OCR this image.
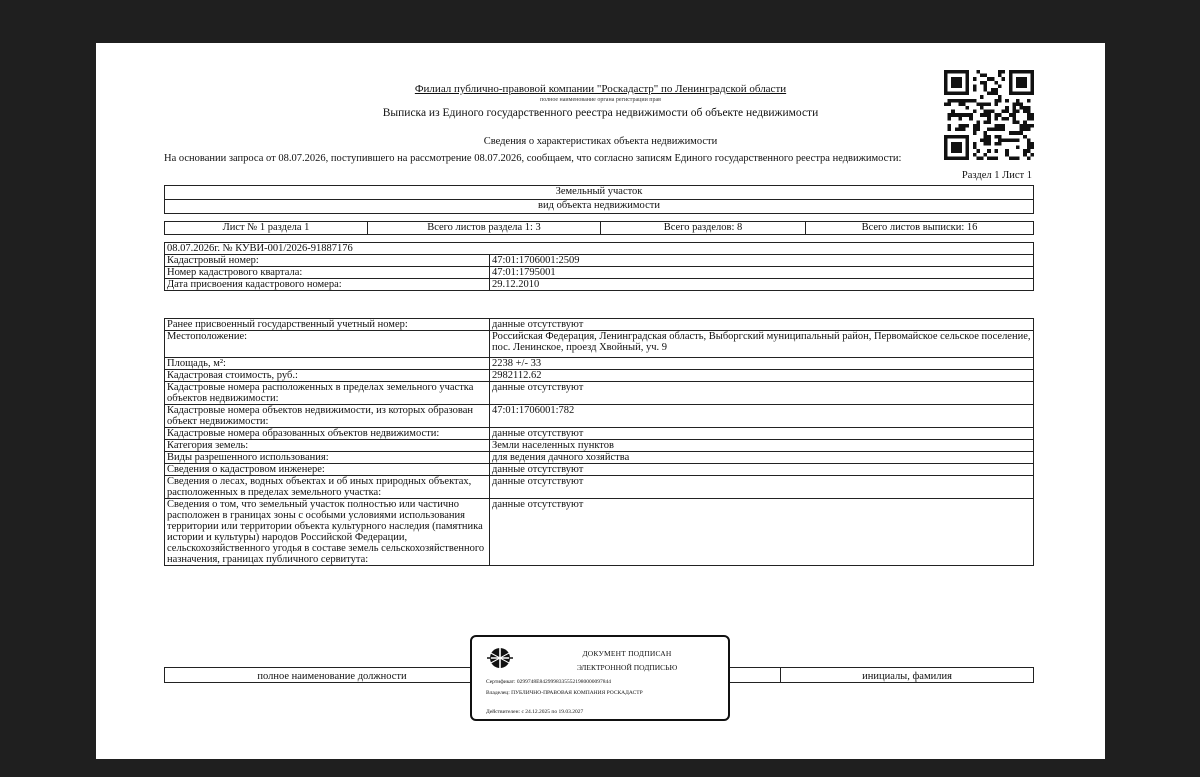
Филиал публично-правовой компании "Роскадастр" по Ленинградской области
полное наименование органа регистрации прав
Выписка из Единого государственного реестра недвижимости об объекте недвижимости
Сведения о характеристиках объекта недвижимости
На основании запроса от 08.07.2026, поступившего на рассмотрение 08.07.2026, сообщаем, что согласно записям Единого государственного реестра недвижимости:
Раздел 1 Лист 1
Земельный участок
вид объекта недвижимости
Лист № 1 раздела 1	Всего листов раздела 1: 3	Всего разделов: 8	Всего листов выписки: 16
08.07.2026г. № КУВИ-001/2026-91887176	
Кадастровый номер:	47:01:1706001:2509
Номер кадастрового квартала:	47:01:1795001
Дата присвоения кадастрового номера:	29.12.2010
Ранее присвоенный государственный учетный номер:	данные отсутствуют
Местоположение:	Российская Федерация, Ленинградская область, Выборгский муниципальный район, Первомайское сельское поселение, пос. Ленинское, проезд Хвойный, уч. 9
Площадь, м²:	2238 +/- 33
Кадастровая стоимость, руб.:	2982112.62
Кадастровые номера расположенных в пределах земельного участка объектов недвижимости:	данные отсутствуют
Кадастровые номера объектов недвижимости, из которых образован объект недвижимости:	47:01:1706001:782
Кадастровые номера образованных объектов недвижимости:	данные отсутствуют
Категория земель:	Земли населенных пунктов
Виды разрешенного использования:	для ведения дачного хозяйства
Сведения о кадастровом инженере:	данные отсутствуют
Сведения о лесах, водных объектах и об иных природных объектах, расположенных в пределах земельного участка:	данные отсутствуют
Сведения о том, что земельный участок полностью или частично расположен в границах зоны с особыми условиями использования территории или территории объекта культурного наследия (памятника истории и культуры) народов Российской Федерации, сельскохозяйственного угодья в составе земель сельскохозяйственного назначения, границах публичного сервитута:	данные отсутствуют
полное наименование должности		инициалы, фамилия
ДОКУМЕНТ ПОДПИСАН
ЭЛЕКТРОННОЙ ПОДПИСЬЮ
Сертификат: 0299748E84299983355521980000097844
Владелец: ПУБЛИЧНО-ПРАВОВАЯ КОМПАНИЯ РОСКАДАСТР
Действителен: с 24.12.2025 по 19.03.2027
